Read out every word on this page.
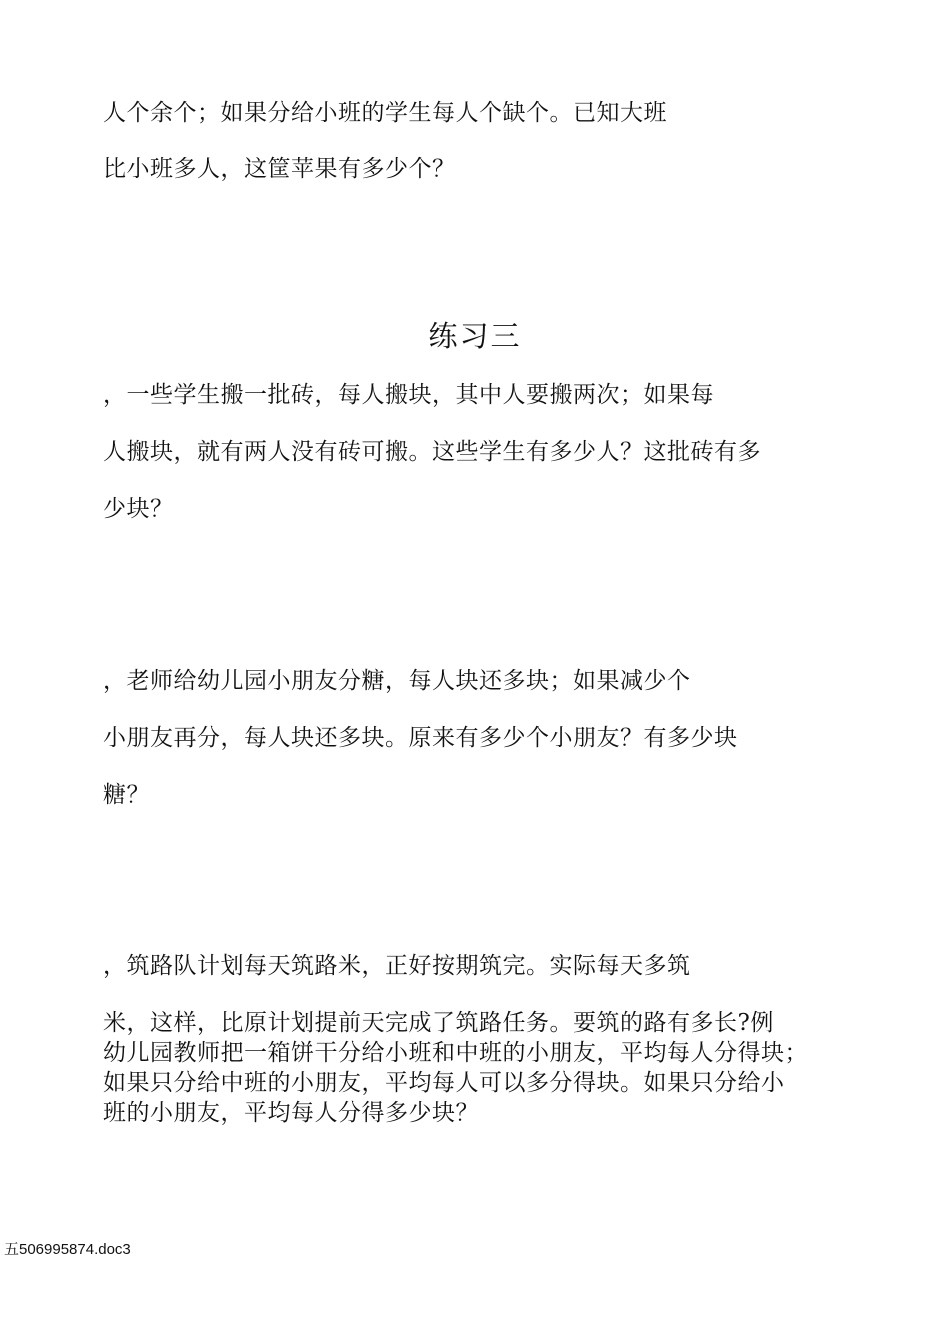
人个余个；如果分给小班的学生每人个缺个。已知大班
比小班多人，这筐苹果有多少个？
练习三
，一些学生搬一批砖，每人搬块，其中人要搬两次；如果每
人搬块，就有两人没有砖可搬。这些学生有多少人？这批砖有多
少块？
，老师给幼儿园小朋友分糖，每人块还多块；如果减少个
小朋友再分，每人块还多块。原来有多少个小朋友？有多少块
糖？
，筑路队计划每天筑路米，正好按期筑完。实际每天多筑
米，这样，比原计划提前天完成了筑路任务。要筑的路有多长?例
幼儿园教师把一箱饼干分给小班和中班的小朋友，平均每人分得块；
如果只分给中班的小朋友，平均每人可以多分得块。如果只分给小
班的小朋友，平均每人分得多少块？
五506995874.doc3
